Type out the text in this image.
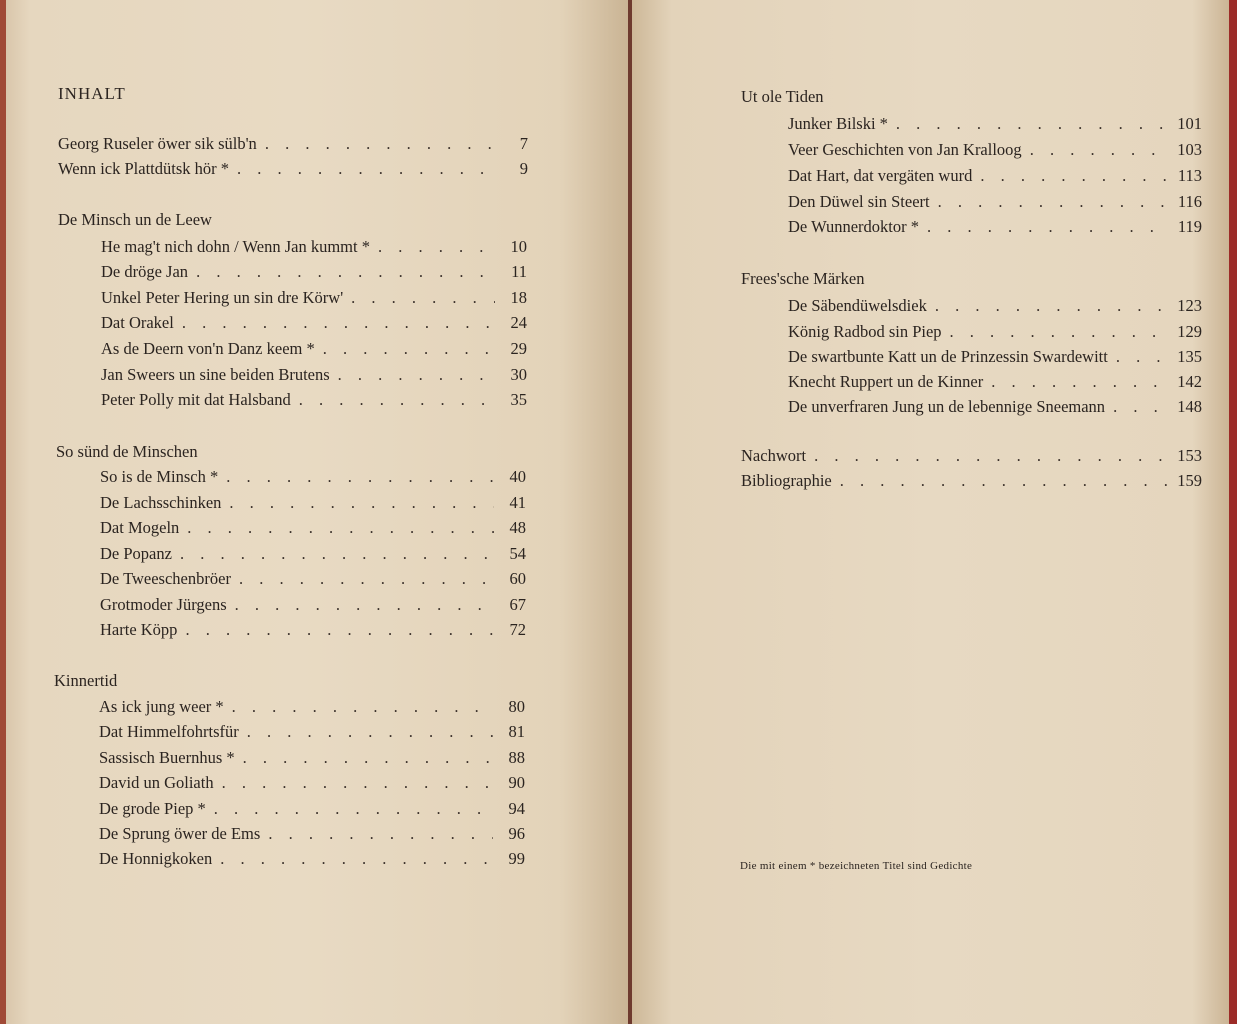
INHALT
Georg Ruseler öwer sik sülb'n . . .	7
Wenn ick Plattdütsk hör * . . .	9
De Minsch un de Leew
He mag't nich dohn / Wenn Jan kummt * . . .	10
De dröge Jan . . .	11
Unkel Peter Hering un sin dre Körw' . . .	18
Dat Orakel . . .	24
As de Deern von'n Danz keem * . . .	29
Jan Sweers un sine beiden Brutens . . .	30
Peter Polly mit dat Halsband . . .	35
So sünd de Minschen
So is de Minsch * . . .	40
De Lachsschinken . . .	41
Dat Mogeln . . .	48
De Popanz . . .	54
De Tweeschenbröer . . .	60
Grotmoder Jürgens . . .	67
Harte Köpp . . .	72
Kinnertid
As ick jung weer * . . .	80
Dat Himmelfohrtsfür . . .	81
Sassisch Buernhus * . . .	88
David un Goliath . . .	90
De grode Piep * . . .	94
De Sprung öwer de Ems . . .	96
De Honnigkoken . . .	99
Ut ole Tiden
Junker Bilski * . . .	101
Veer Geschichten von Jan Kralloog . . .	103
Dat Hart, dat vergäten wurd . . .	113
Den Düwel sin Steert . . .	116
De Wunnerdoktor * . . .	119
Frees'sche Märken
De Säbendüwelsdiek . . .	123
König Radbod sin Piep . . .	129
De swartbunte Katt un de Prinzessin Swardewitt . . .	135
Knecht Ruppert un de Kinner . . .	142
De unverfraren Jung un de lebennige Sneemann . . .	148
Nachwort . . .	153
Bibliographie . . .	159
Die mit einem * bezeichneten Titel sind Gedichte
